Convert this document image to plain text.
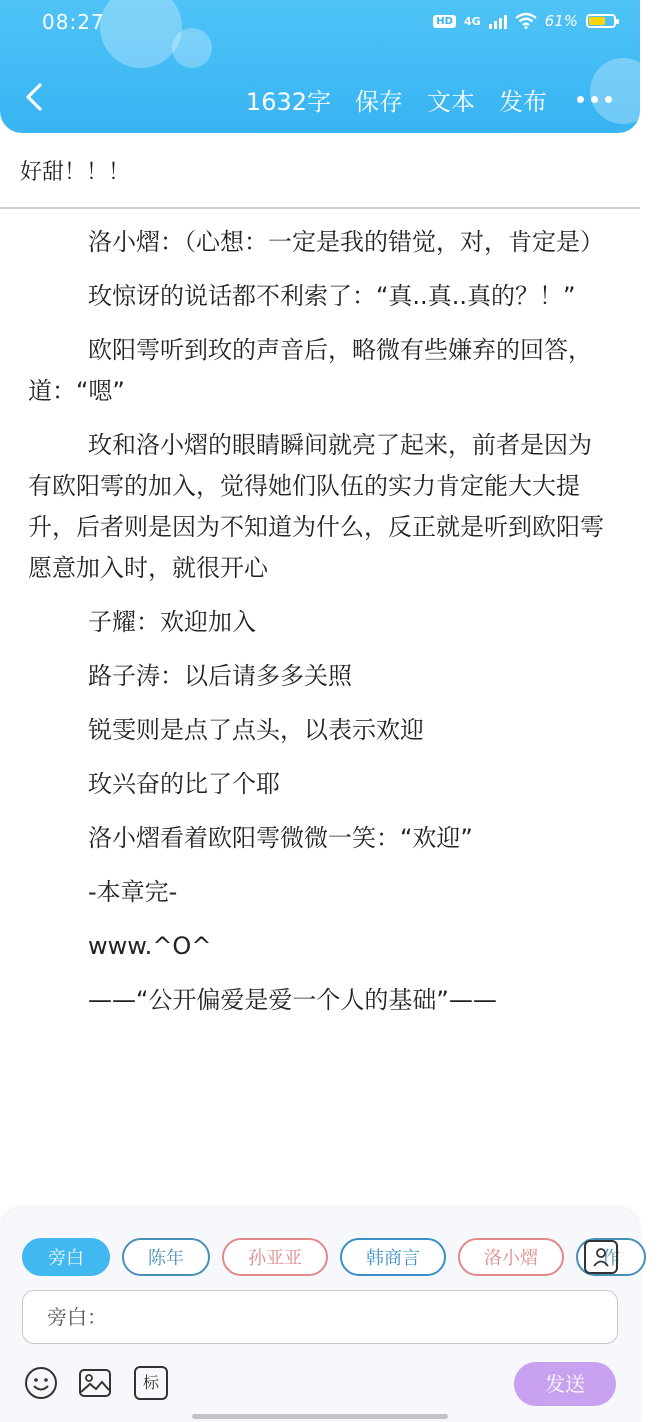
08:27	HD 4G	61%
1632字 保存 文本 发布
好甜！！！

洛小熠：（心想：一定是我的错觉，对，肯定是）

玫惊讶的说话都不利索了：“真..真..真的？！”

欧阳雩听到玫的声音后，略微有些嫌弃的回答，道：“嗯”

玫和洛小熠的眼睛瞬间就亮了起来，前者是因为有欧阳雩的加入，觉得她们队伍的实力肯定能大大提升，后者则是因为不知道为什么，反正就是听到欧阳雩愿意加入时，就很开心

子耀：欢迎加入

路子涛：以后请多多关照

锐雯则是点了点头，以表示欢迎

玫兴奋的比了个耶

洛小熠看着欧阳雩微微一笑：“欢迎”

-本章完-

www.^O^

——“公开偏爱是爱一个人的基础”——

旁白	陈年	孙亚亚	韩商言	洛小熠	作
旁白：
标	发送
